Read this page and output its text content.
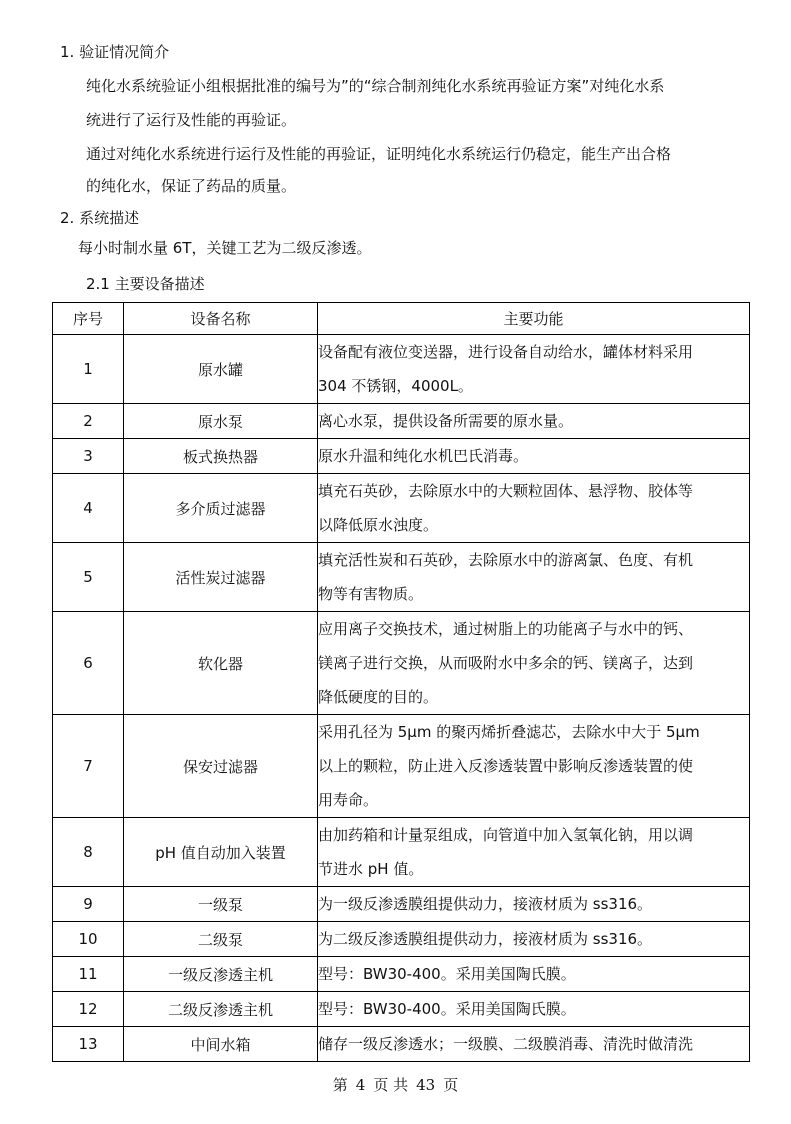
1. 验证情况简介
纯化水系统验证小组根据批准的编号为”的“综合制剂纯化水系统再验证方案”对纯化水系
统进行了运行及性能的再验证。
通过对纯化水系统进行运行及性能的再验证，证明纯化水系统运行仍稳定，能生产出合格
的纯化水，保证了药品的质量。
2. 系统描述
每小时制水量 6T，关键工艺为二级反渗透。
2.1 主要设备描述
序号	设备名称	主要功能
1	原水罐	设备配有液位变送器，进行设备自动给水，罐体材料采用
304 不锈钢，4000L。

2	原水泵	离心水泵，提供设备所需要的原水量。

3	板式换热器	原水升温和纯化水机巴氏消毒。

4	多介质过滤器	填充石英砂，去除原水中的大颗粒固体、悬浮物、胶体等
以降低原水浊度。

5	活性炭过滤器	填充活性炭和石英砂，去除原水中的游离氯、色度、有机
物等有害物质。

6	软化器	应用离子交换技术，通过树脂上的功能离子与水中的钙、
镁离子进行交换，从而吸附水中多余的钙、镁离子，达到
降低硬度的目的。

7	保安过滤器	采用孔径为 5μm 的聚丙烯折叠滤芯，去除水中大于 5μm
以上的颗粒，防止进入反渗透装置中影响反渗透装置的使
用寿命。

8	pH 值自动加入装置	由加药箱和计量泵组成，向管道中加入氢氧化钠，用以调
节进水 pH 值。

9	一级泵	为一级反渗透膜组提供动力，接液材质为 ss316。

10	二级泵	为二级反渗透膜组提供动力，接液材质为 ss316。

11	一级反渗透主机	型号：BW30-400。采用美国陶氏膜。

12	二级反渗透主机	型号：BW30-400。采用美国陶氏膜。

13	中间水箱	储存一级反渗透水；一级膜、二级膜消毒、清洗时做清洗
第 4 页 共 43 页
